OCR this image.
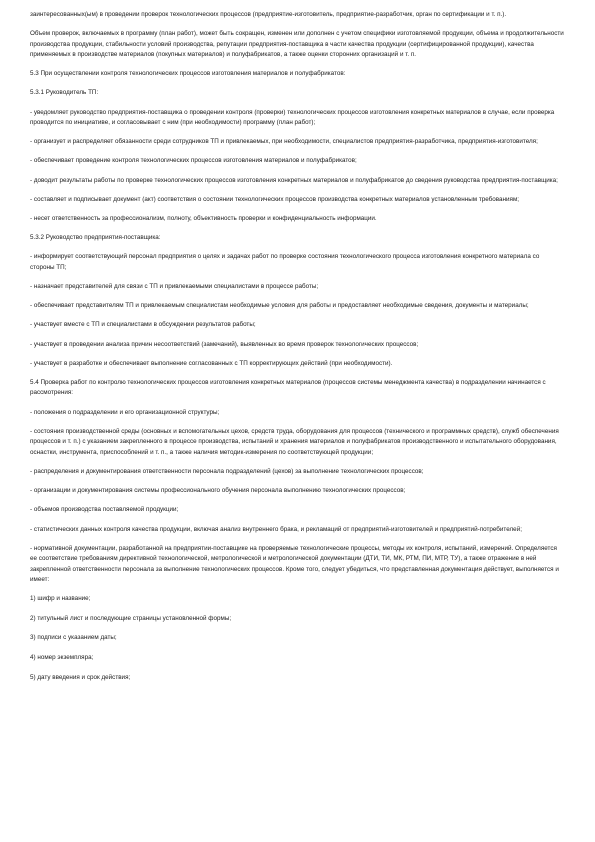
заинтересованных(ым) в проведении проверок технологических процессов (предприятие-изготовитель, предприятие-разработчик, орган по сертификации и т. п.).

Объем проверок, включаемых в программу (план работ), может быть сокращен, изменен или дополнен с учетом специфики изготовляемой продукции, объема и продолжительности производства продукции, стабильности условий производства, репутации предприятия-поставщика в части качества продукции (сертифицированной продукции), качества применяемых в производстве материалов (покупных материалов) и полуфабрикатов, а также оценки сторонних организаций и т. п.

5.3 При осуществлении контроля технологических процессов изготовления материалов и полуфабрикатов:

5.3.1 Руководитель ТП:

- уведомляет руководство предприятия-поставщика о проведении контроля (проверки) технологических процессов изготовления конкретных материалов в случае, если проверка проводится по инициативе, и согласовывает с ним (при необходимости) программу (план работ);

- организует и распределяет обязанности среди сотрудников ТП и привлекаемых, при необходимости, специалистов предприятия-разработчика, предприятия-изготовителя;

- обеспечивает проведение контроля технологических процессов изготовления материалов и полуфабрикатов;

- доводит результаты работы по проверке технологических процессов изготовления конкретных материалов и полуфабрикатов до сведения руководства предприятия-поставщика;

- составляет и подписывает документ (акт) соответствия о состоянии технологических процессов производства конкретных материалов установленным требованиям;

- несет ответственность за профессионализм, полноту, объективность проверки и конфиденциальность информации.

5.3.2 Руководство предприятия-поставщика:

- информирует соответствующий персонал предприятия о целях и задачах работ по проверке состояния технологического процесса изготовления конкретного материала со стороны ТП;

- назначает представителей для связи с ТП и привлекаемыми специалистами в процессе работы;

- обеспечивает представителям ТП и привлекаемым специалистам необходимые условия для работы и предоставляет необходимые сведения, документы и материалы;

- участвует вместе с ТП и специалистами в обсуждении результатов работы;

- участвует в проведении анализа причин несоответствий (замечаний), выявленных во время проверок технологических процессов;

- участвует в разработке и обеспечивает выполнение согласованных с ТП корректирующих действий (при необходимости).

5.4 Проверка работ по контролю технологических процессов изготовления конкретных материалов (процессов системы менеджмента качества) в подразделении начинается с рассмотрения:

- положения о подразделении и его организационной структуры;

- состояния производственной среды (основных и вспомогательных цехов, средств труда, оборудования для процессов (технического и программных средств), служб обеспечения процессов и т. п.) с указанием закрепленного в процессе производства, испытаний и хранения материалов и полуфабрикатов производственного и испытательного оборудования, оснастки, инструмента, приспособлений и т. п., а также наличия методик-измерения по соответствующей продукции;

- распределения и документирования ответственности персонала подразделений (цехов) за выполнение технологических процессов;

- организации и документирования системы профессионального обучения персонала выполнению технологических процессов;

- объемов производства поставляемой продукции;

- статистических данных контроля качества продукции, включая анализ внутреннего брака, и рекламаций от предприятий-изготовителей и предприятий-потребителей;

- нормативной документации, разработанной на предприятии-поставщике на проверяемые технологические процессы, методы их контроля, испытаний, измерений. Определяется ее соответствие требованиям директивной технологической, метрологической и метрологической документации (ДТИ, ТИ, МК, РТМ, ПИ, МТР, ТУ), а также отражение в ней закрепленной ответственности персонала за выполнение технологических процессов. Кроме того, следует убедиться, что представленная документация действует, выполняется и имеет:

1) шифр и название;

2) титульный лист и последующие страницы установленной формы;

3) подписи с указанием даты;

4) номер экземпляра;

5) дату введения и срок действия;
